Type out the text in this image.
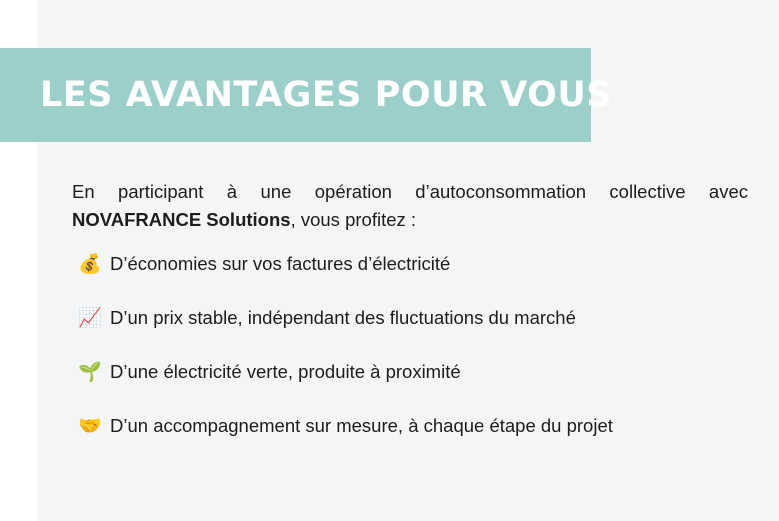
LES AVANTAGES POUR VOUS
En participant à une opération d’autoconsommation collective avec NOVAFRANCE Solutions, vous profitez :
💰 D’économies sur vos factures d’électricité
📈 D’un prix stable, indépendant des fluctuations du marché
🌱 D’une électricité verte, produite à proximité
🤝 D’un accompagnement sur mesure, à chaque étape du projet
